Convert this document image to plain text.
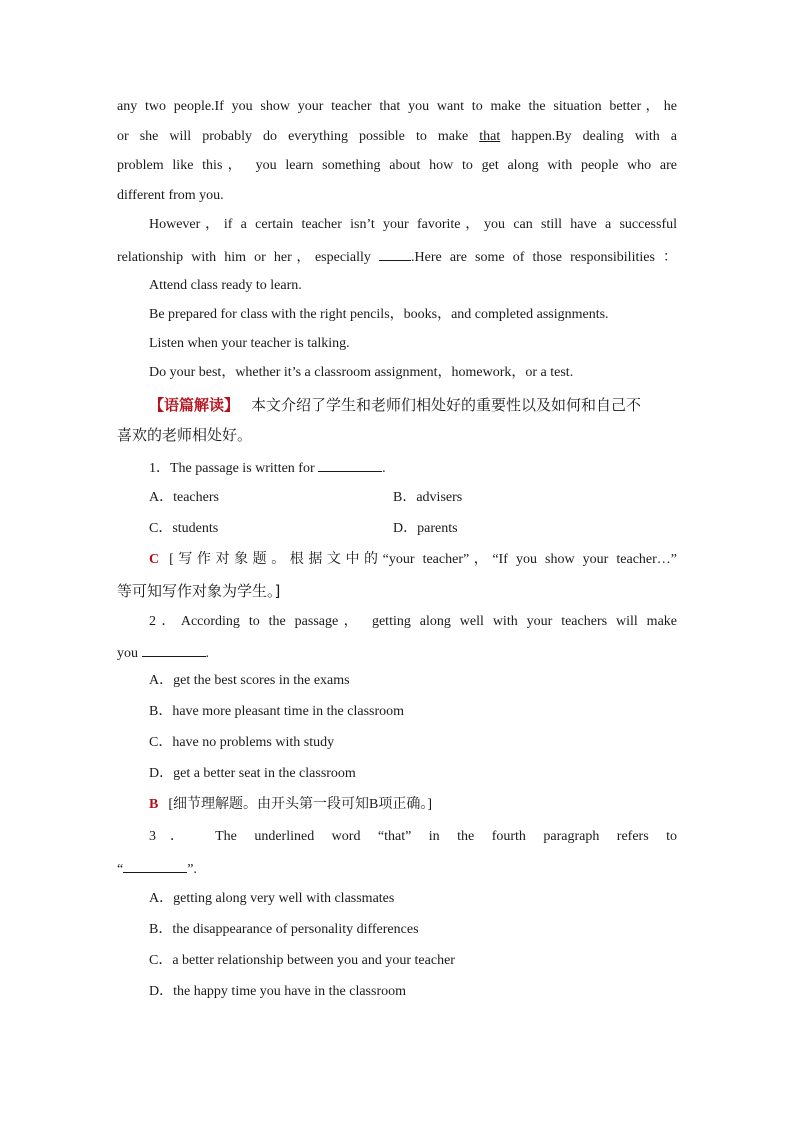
any two people.If you show your teacher that you want to make the situation better，he
or she will probably do everything possible to make that happen.By dealing with a
problem like this， you learn something about how to get along with people who are
different from you.
However，if a certain teacher isn’t your favorite，you can still have a successful
relationship with him or her，especially .Here are some of those responsibilities ：
Attend class ready to learn.
Be prepared for class with the right pencils，books，and completed assignments.
Listen when your teacher is talking.
Do your best，whether it’s a classroom assignment，homework，or a test.
【语篇解读】 本文介绍了学生和老师们相处好的重要性以及如何和自己不
喜欢的老师相处好。
1．The passage is written for	.
A．teachers	B．advisers
C．students	D．parents
C [写作对象题。根据文中的“your teacher”，“If you show your teacher…”
等可知写作对象为学生。]
2．According to the passage， getting along well with your teachers will make
you	.
A．get the best scores in the exams
B．have more pleasant time in the classroom
C．have no problems with study
D．get a better seat in the classroom
B [细节理解题。由开头第一段可知B项正确。]
3． The underlined word “that” in the fourth paragraph refers to
“	”.
A．getting along very well with classmates
B．the disappearance of personality differences
C．a better relationship between you and your teacher
D．the happy time you have in the classroom
